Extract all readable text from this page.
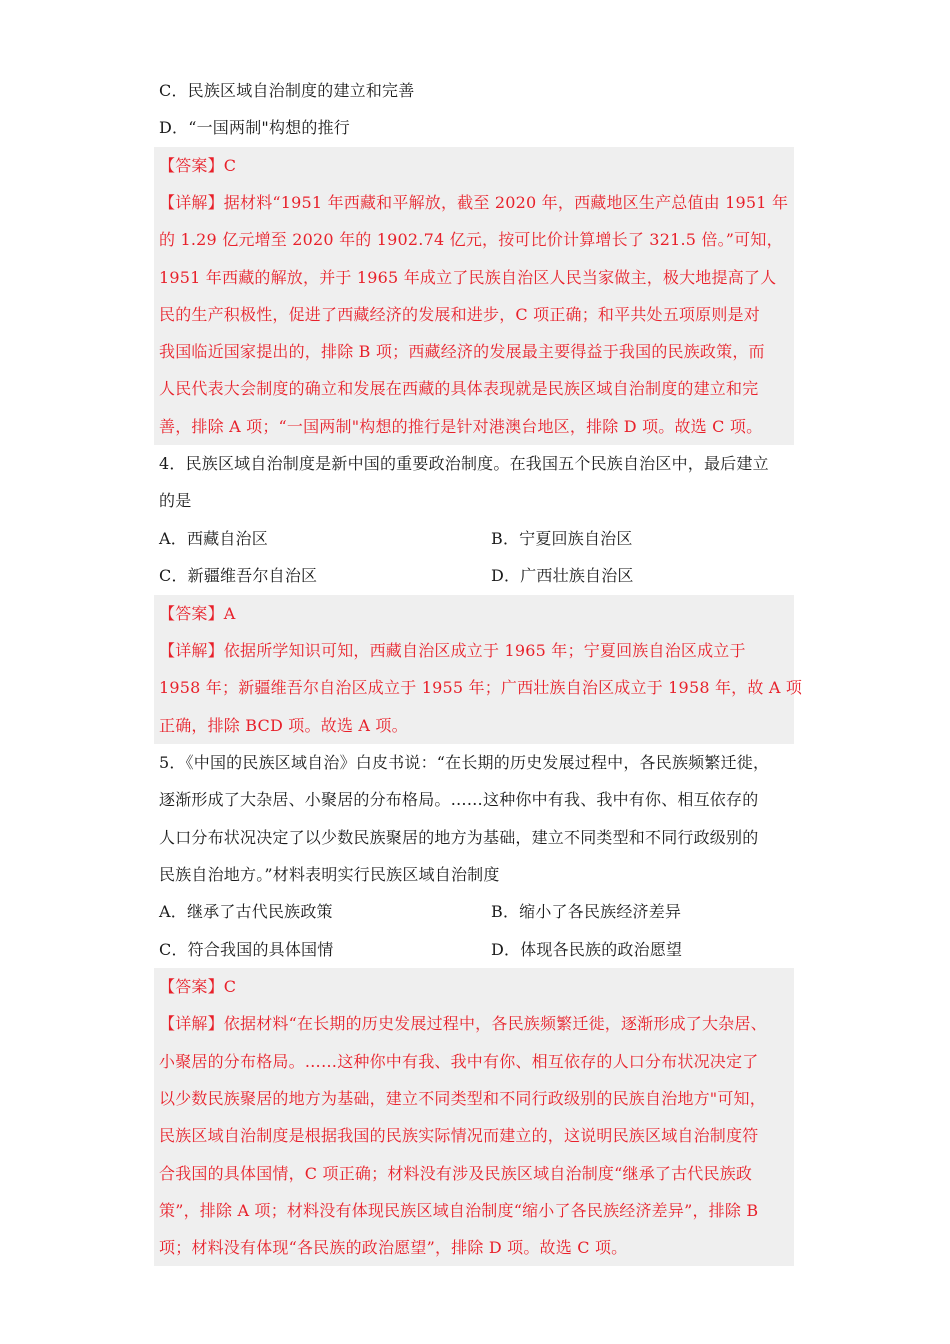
C．民族区域自治制度的建立和完善
D．“一国两制"构想的推行
【答案】C
【详解】据材料“1951 年西藏和平解放，截至 2020 年，西藏地区生产总值由 1951 年
的 1.29 亿元增至 2020 年的 1902.74 亿元，按可比价计算增长了 321.5 倍。”可知，
1951 年西藏的解放，并于 1965 年成立了民族自治区人民当家做主，极大地提高了人
民的生产积极性，促进了西藏经济的发展和进步，C 项正确；和平共处五项原则是对
我国临近国家提出的，排除 B 项；西藏经济的发展最主要得益于我国的民族政策，而
人民代表大会制度的确立和发展在西藏的具体表现就是民族区域自治制度的建立和完
善，排除 A 项；“一国两制"构想的推行是针对港澳台地区，排除 D 项。故选 C 项。
4．民族区域自治制度是新中国的重要政治制度。在我国五个民族自治区中，最后建立
的是
A．西藏自治区	B．宁夏回族自治区
C．新疆维吾尔自治区	D．广西壮族自治区
【答案】A
【详解】依据所学知识可知，西藏自治区成立于 1965 年；宁夏回族自治区成立于
1958 年；新疆维吾尔自治区成立于 1955 年；广西壮族自治区成立于 1958 年，故 A 项
正确，排除 BCD 项。故选 A 项。
5．《中国的民族区域自治》白皮书说：“在长期的历史发展过程中，各民族频繁迁徙，
逐渐形成了大杂居、小聚居的分布格局。……这种你中有我、我中有你、相互依存的
人口分布状况决定了以少数民族聚居的地方为基础，建立不同类型和不同行政级别的
民族自治地方。”材料表明实行民族区域自治制度
A．继承了古代民族政策	B．缩小了各民族经济差异
C．符合我国的具体国情	D．体现各民族的政治愿望
【答案】C
【详解】依据材料“在长期的历史发展过程中，各民族频繁迁徙，逐渐形成了大杂居、
小聚居的分布格局。……这种你中有我、我中有你、相互依存的人口分布状况决定了
以少数民族聚居的地方为基础，建立不同类型和不同行政级别的民族自治地方"可知，
民族区域自治制度是根据我国的民族实际情况而建立的，这说明民族区域自治制度符
合我国的具体国情，C 项正确；材料没有涉及民族区域自治制度“继承了古代民族政
策”，排除 A 项；材料没有体现民族区域自治制度“缩小了各民族经济差异”，排除 B
项；材料没有体现“各民族的政治愿望”，排除 D 项。故选 C 项。
